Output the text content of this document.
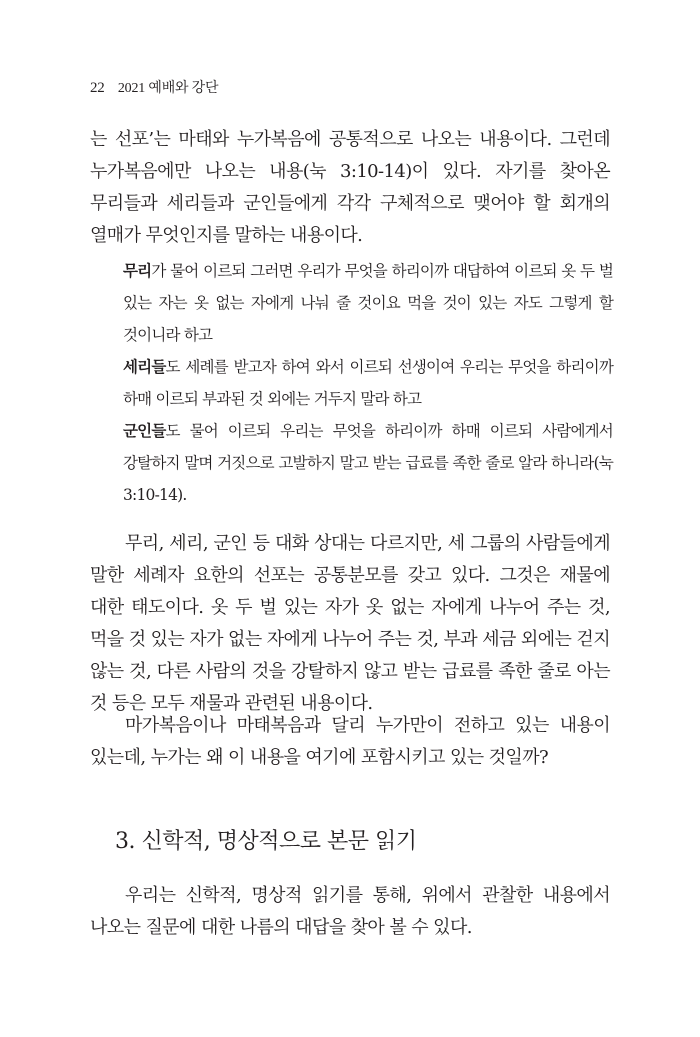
22 2021 예배와 강단

는 선포’는 마태와 누가복음에 공통적으로 나오는 내용이다. 그런데 누가복음에만 나오는 내용(눅 3:10-14)이 있다. 자기를 찾아온 무리들과 세리들과 군인들에게 각각 구체적으로 맺어야 할 회개의 열매가 무엇인지를 말하는 내용이다.

무리가 물어 이르되 그러면 우리가 무엇을 하리이까 대답하여 이르되 옷 두 벌 있는 자는 옷 없는 자에게 나눠 줄 것이요 먹을 것이 있는 자도 그렇게 할 것이니라 하고

세리들도 세례를 받고자 하여 와서 이르되 선생이여 우리는 무엇을 하리이까 하매 이르되 부과된 것 외에는 거두지 말라 하고

군인들도 물어 이르되 우리는 무엇을 하리이까 하매 이르되 사람에게서 강탈하지 말며 거짓으로 고발하지 말고 받는 급료를 족한 줄로 알라 하니라(눅 3:10-14).

무리, 세리, 군인 등 대화 상대는 다르지만, 세 그룹의 사람들에게 말한 세례자 요한의 선포는 공통분모를 갖고 있다. 그것은 재물에 대한 태도이다. 옷 두 벌 있는 자가 옷 없는 자에게 나누어 주는 것, 먹을 것 있는 자가 없는 자에게 나누어 주는 것, 부과 세금 외에는 걷지 않는 것, 다른 사람의 것을 강탈하지 않고 받는 급료를 족한 줄로 아는 것 등은 모두 재물과 관련된 내용이다.

마가복음이나 마태복음과 달리 누가만이 전하고 있는 내용이 있는데, 누가는 왜 이 내용을 여기에 포함시키고 있는 것일까?

3. 신학적, 명상적으로 본문 읽기

우리는 신학적, 명상적 읽기를 통해, 위에서 관찰한 내용에서 나오는 질문에 대한 나름의 대답을 찾아 볼 수 있다.
